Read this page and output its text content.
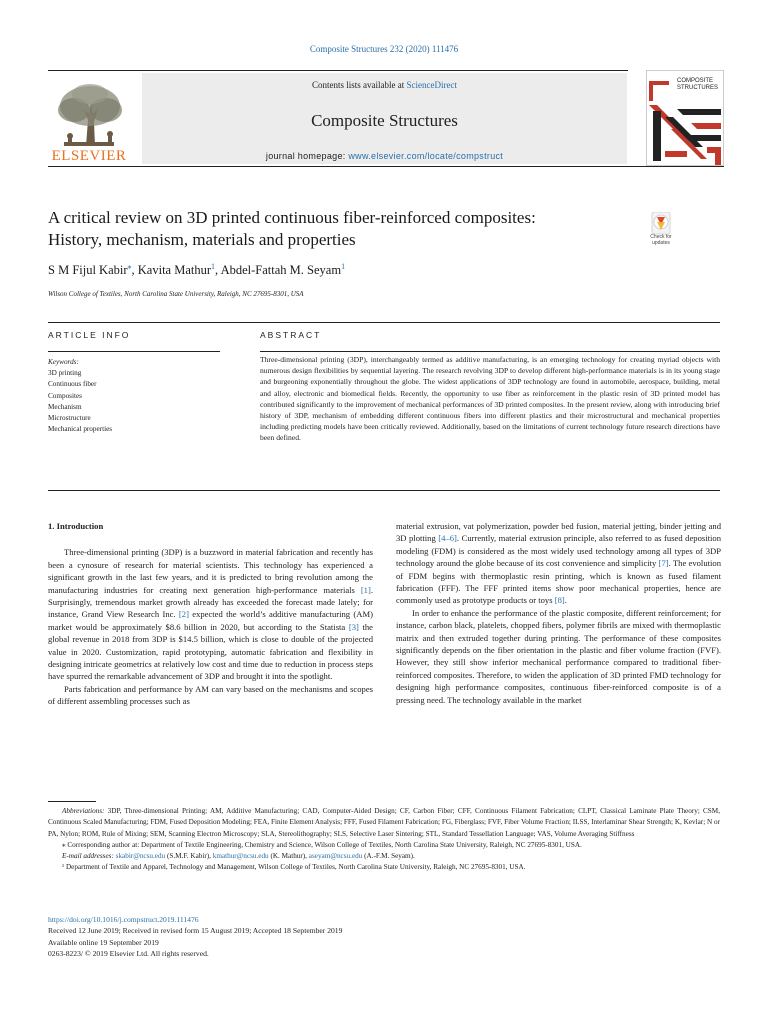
Composite Structures 232 (2020) 111476
ELSEVIER
Contents lists available at ScienceDirect
Composite Structures
journal homepage: www.elsevier.com/locate/compstruct
COMPOSITE
STRUCTURES
A critical review on 3D printed continuous fiber-reinforced composites:
History, mechanism, materials and properties	Check for
updates
S M Fijul Kabir⁎, Kavita Mathur$^1$, Abdel-Fattah M. Seyam$^1$
Wilson College of Textiles, North Carolina State University, Raleigh, NC 27695-8301, USA
ARTICLE INFO	ABSTRACT
Keywords:
3D printing
Continuous fiber
Composites
Mechanism
Microstructure
Mechanical properties
Three-dimensional printing (3DP), interchangeably termed as additive manufacturing, is an emerging technology for creating myriad objects with numerous design flexibilities by sequential layering. The research revolving 3DP to develop different high-performance materials is in its young stage and burgeoning exponentially throughout the globe. The widest applications of 3DP technology are found in automobile, aerospace, building, metal and alloy, electronic and biomedical fields. Recently, the opportunity to use fiber as reinforcement in the plastic resin of 3D printed model has contributed significantly to the improvement of mechanical performances of 3D printed composites. In the present review, along with introducing brief history of 3DP, mechanism of embedding different continuous fibers into different plastics and their microstructural and mechanical properties including predicting models have been critically reviewed. Additionally, based on the limitations of current technology future research directions have been defined.

1. Introduction

Three-dimensional printing (3DP) is a buzzword in material fabrication and recently has been a cynosure of research for material scientists. This technology has experienced a significant growth in the last few years, and it is predicted to bring revolution among the manufacturing industries for creating next generation high-performance materials [1]. Surprisingly, tremendous market growth already has exceeded the forecast made lately; for instance, Grand View Research Inc. [2] expected the world’s additive manufacturing (AM) market would be approximately $8.6 billion in 2020, but according to the Statista [3] the global revenue in 2018 from 3DP is $14.5 billion, which is close to double of the projected value in 2020. Customization, rapid prototyping, automatic fabrication and flexibility in designing intricate geometrics at relatively low cost and time due to reduction in process steps have spurred the remarkable advancement of 3DP and brought it into the spotlight.

Parts fabrication and performance by AM can vary based on the mechanisms and scopes of different assembling processes such as

material extrusion, vat polymerization, powder bed fusion, material jetting, binder jetting and 3D plotting [4–6]. Currently, material extrusion principle, also referred to as fused deposition modeling (FDM) is considered as the most widely used technology among all types of 3DP technology around the globe because of its cost convenience and simplicity [7]. The evolution of FDM begins with thermoplastic resin printing, which is known as fused filament fabrication (FFF). The FFF printed items show poor mechanical properties, hence are commonly used as prototype products or toys [8].

In order to enhance the performance of the plastic composite, different reinforcement; for instance, carbon black, platelets, chopped fibers, polymer fibrils are mixed with thermoplastic matrix and then extruded together during printing. The performance of these composites significantly depends on the fiber orientation in the plastic and fiber volume fraction (FVF). However, they still show inferior mechanical performance compared to traditional fiber-reinforced composites. Therefore, to widen the application of 3D printed FMD technology for designing high performance composites, continuous fiber-reinforced composite is of a pressing need. The technology available in the market

Abbreviations: 3DP, Three-dimensional Printing; AM, Additive Manufacturing; CAD, Computer-Aided Design; CF, Carbon Fiber; CFF, Continuous Filament Fabrication; CLPT, Classical Laminate Plate Theory; CSM, Continuous Scaled Manufacturing; FDM, Fused Deposition Modeling; FEA, Finite Element Analysis; FFF, Fused Filament Fabrication; FG, Fiberglass; FVF, Fiber Volume Fraction; ILSS, Interlaminar Shear Strength; K, Kevlar; N or PA, Nylon; ROM, Rule of Mixing; SEM, Scanning Electron Microscopy; SLA, Stereolithography; SLS, Selective Laser Sintering; STL, Standard Tessellation Language; VAS, Volume Averaging Stiffness

⁎ Corresponding author at: Department of Textile Engineering, Chemistry and Science, Wilson College of Textiles, North Carolina State University, Raleigh, NC 27695-8301, USA.

E-mail addresses: skabir@ncsu.edu (S.M.F. Kabir), kmathur@ncsu.edu (K. Mathur), aseyam@ncsu.edu (A.-F.M. Seyam).

¹ Department of Textile and Apparel, Technology and Management, Wilson College of Textiles, North Carolina State University, Raleigh, NC 27695-8301, USA.

https://doi.org/10.1016/j.compstruct.2019.111476
Received 12 June 2019; Received in revised form 15 August 2019; Accepted 18 September 2019
Available online 19 September 2019
0263-8223/ © 2019 Elsevier Ltd. All rights reserved.
